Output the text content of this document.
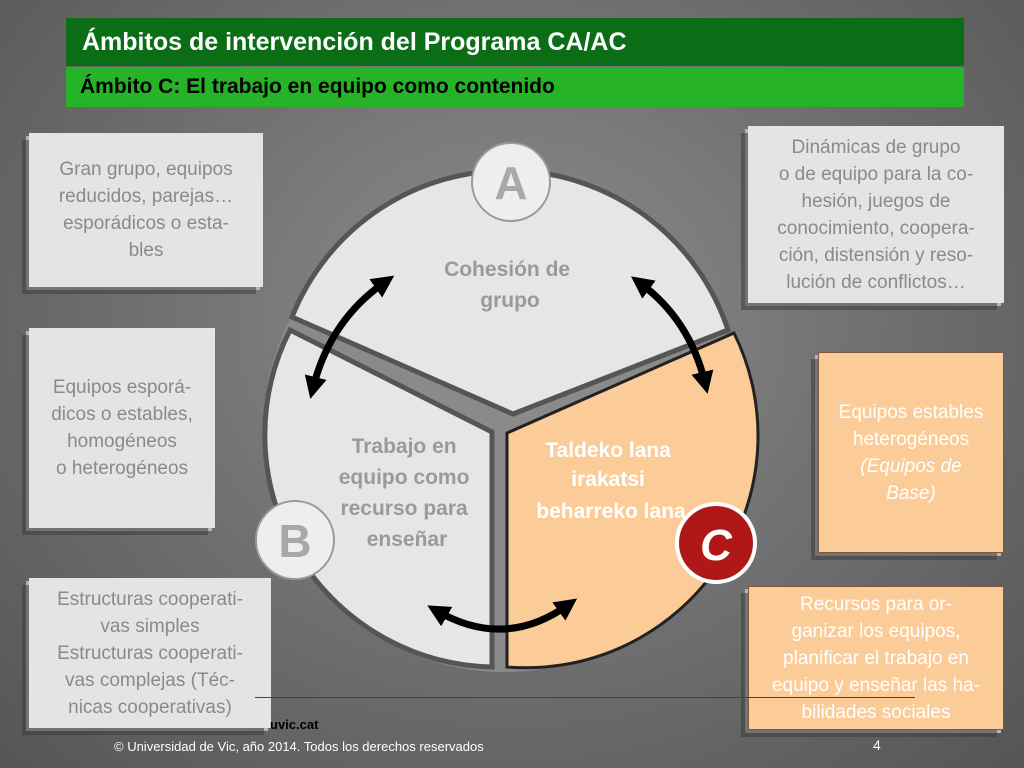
Ámbitos de intervención del Programa CA/AC
Ámbito C: El trabajo en equipo como contenido
Cohesión de grupo
Trabajo en equipo como recurso para enseñar
Taldeko lana irakatsi beharreko lana
A
B	C
Gran grupo, equipos
reducidos, parejas…
esporádicos o esta-
bles
Equipos esporá-
dicos o estables,
homogéneos
o heterogéneos
Estructuras cooperati-
vas simples
Estructuras cooperati-
vas complejas (Téc-
nicas cooperativas)
Dinámicas de grupo
o de equipo para la co-
hesión, juegos de
conocimiento, coopera-
ción, distensión y reso-
lución de conflictos…
Equipos estables
heterogéneos
(Equipos de
Base)
Recursos para or-
ganizar los equipos,
planificar el trabajo en
equipo y enseñar las ha-
bilidades sociales
uvic.cat
© Universidad de Vic, año 2014. Todos los derechos reservados	4
